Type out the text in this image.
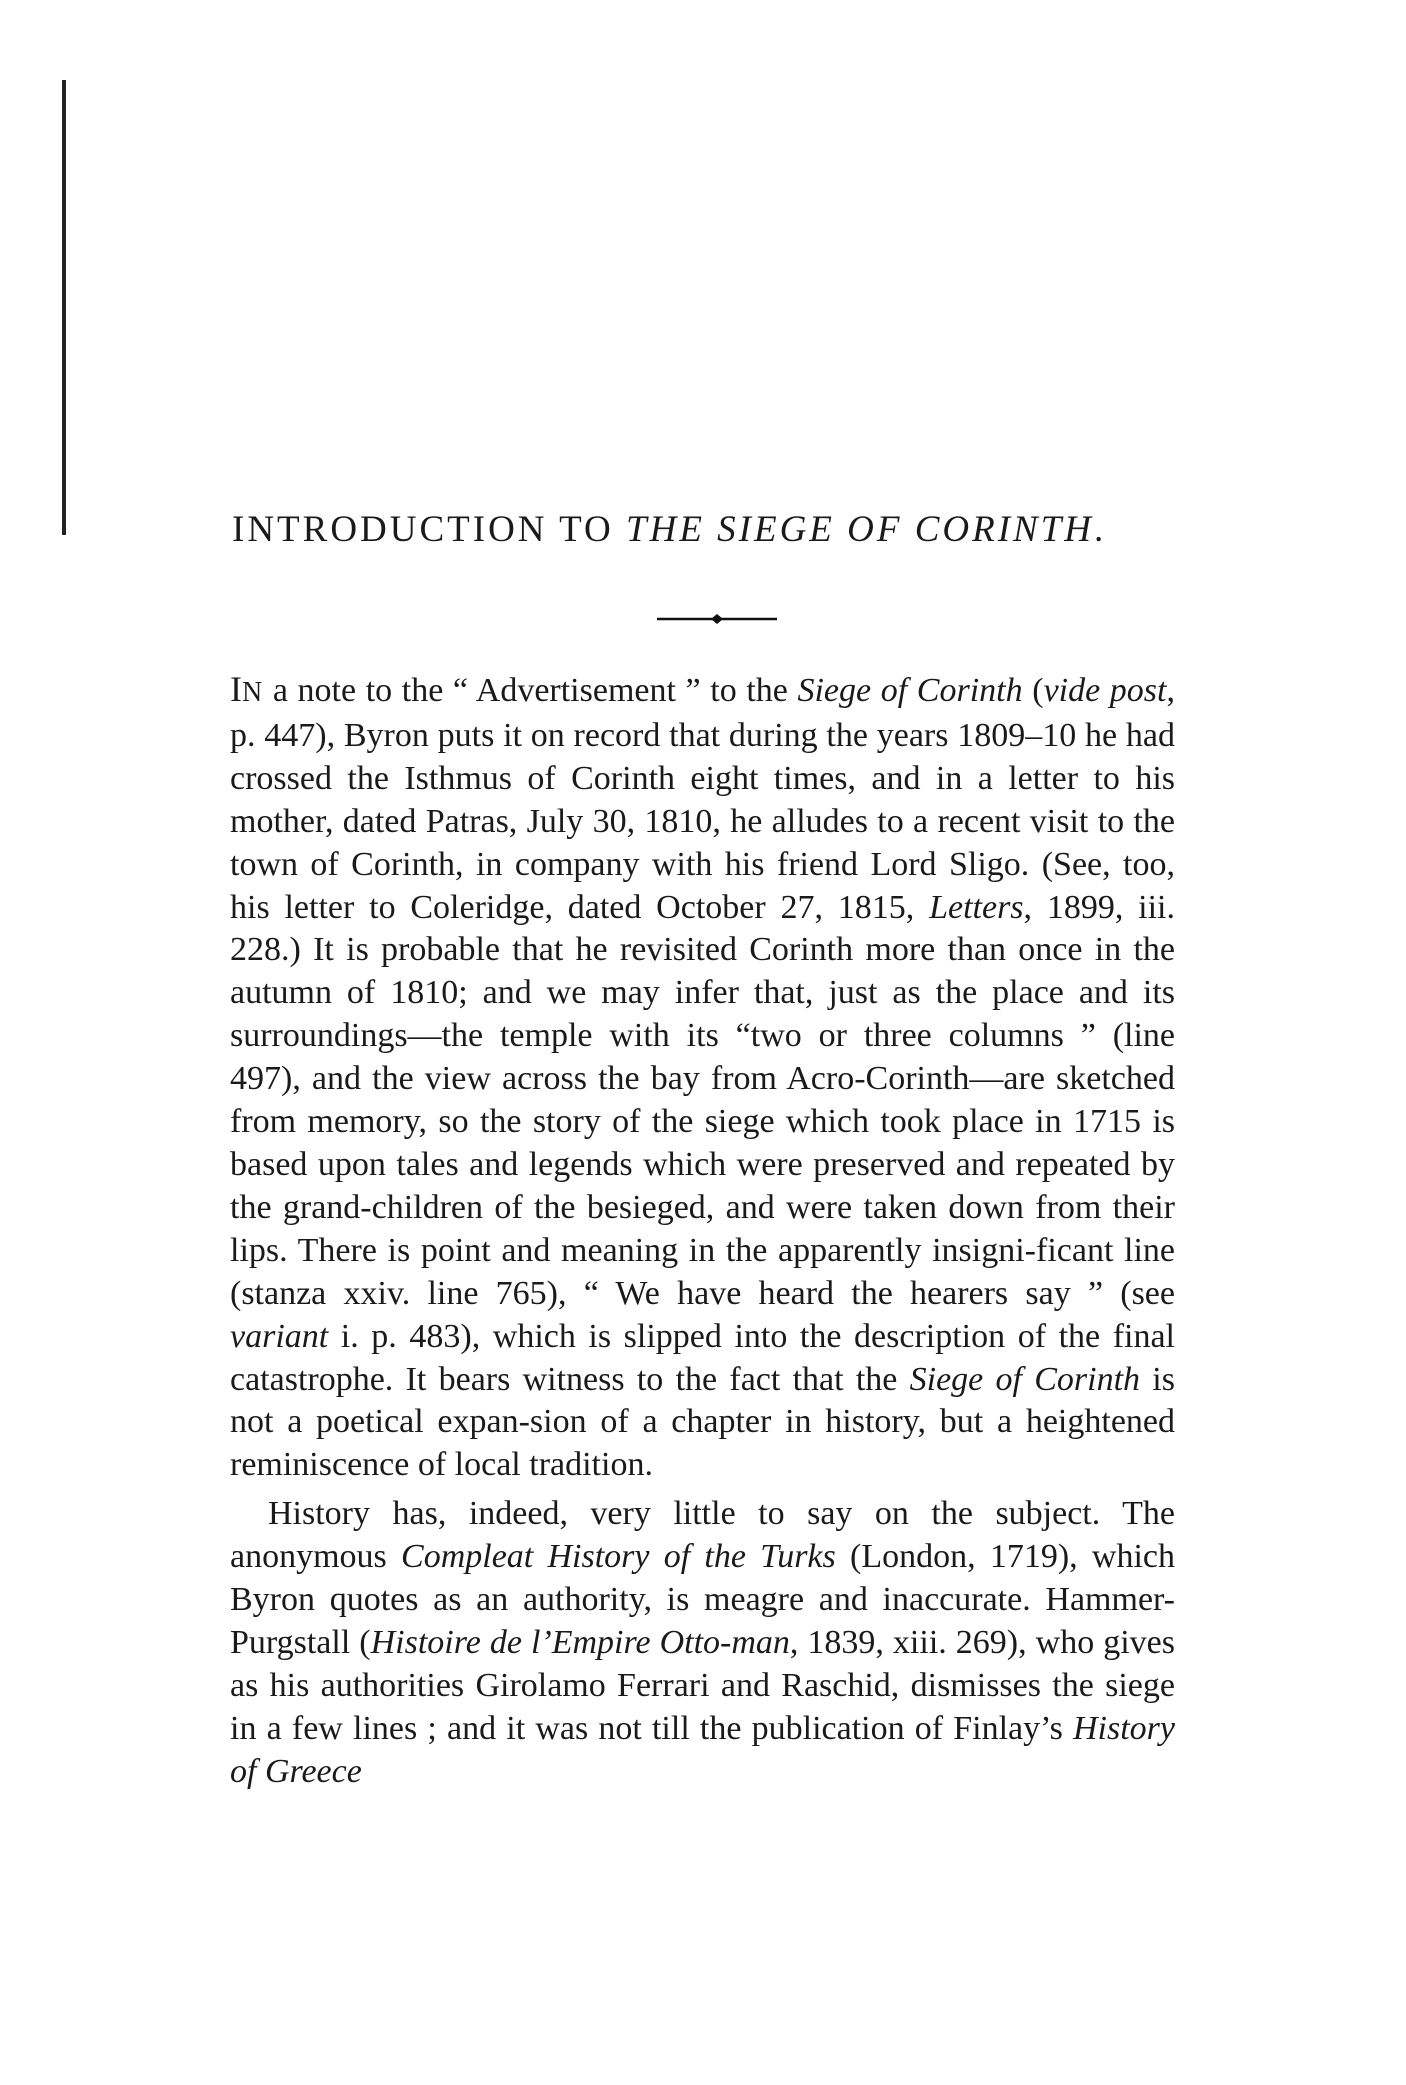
INTRODUCTION TO THE SIEGE OF CORINTH.

IN a note to the “ Advertisement ” to the Siege of Corinth (vide post, p. 447), Byron puts it on record that during the years 1809–10 he had crossed the Isthmus of Corinth eight times, and in a letter to his mother, dated Patras, July 30, 1810, he alludes to a recent visit to the town of Corinth, in company with his friend Lord Sligo. (See, too, his letter to Coleridge, dated October 27, 1815, Letters, 1899, iii. 228.) It is probable that he revisited Corinth more than once in the autumn of 1810; and we may infer that, just as the place and its surroundings—the temple with its “two or three columns ” (line 497), and the view across the bay from Acro-Corinth—are sketched from memory, so the story of the siege which took place in 1715 is based upon tales and legends which were preserved and repeated by the grand-children of the besieged, and were taken down from their lips. There is point and meaning in the apparently insigni-ficant line (stanza xxiv. line 765), “ We have heard the hearers say ” (see variant i. p. 483), which is slipped into the description of the final catastrophe. It bears witness to the fact that the Siege of Corinth is not a poetical expan-sion of a chapter in history, but a heightened reminiscence of local tradition.

History has, indeed, very little to say on the subject. The anonymous Compleat History of the Turks (London, 1719), which Byron quotes as an authority, is meagre and inaccurate. Hammer-Purgstall (Histoire de l’Empire Otto-man, 1839, xiii. 269), who gives as his authorities Girolamo Ferrari and Raschid, dismisses the siege in a few lines ; and it was not till the publication of Finlay’s History of Greece
